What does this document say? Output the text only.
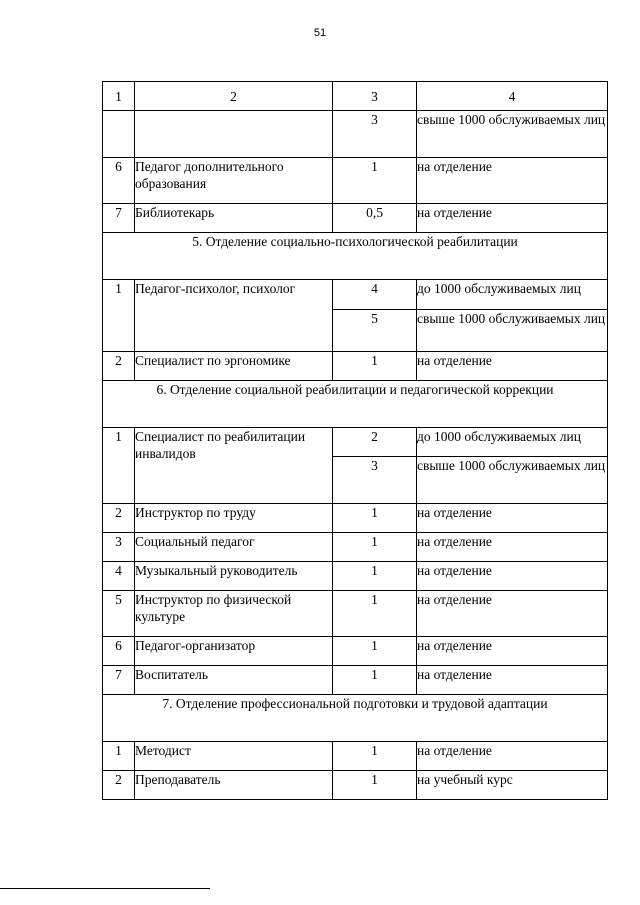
51
1	2	3	4
		3	свыше 1000 обслуживаемых лиц
6	Педагог дополнительного образования	1	на отделение
7	Библиотекарь	0,5	на отделение
5. Отделение социально-психологической реабилитации			
1	Педагог-психолог, психолог	4	до 1000 обслуживаемых лиц
		5	свыше 1000 обслуживаемых лиц
2	Специалист по эргономике	1	на отделение
6. Отделение социальной реабилитации и педагогической коррекции			
1	Специалист по реабилитации инвалидов	2	до 1000 обслуживаемых лиц
		3	свыше 1000 обслуживаемых лиц
2	Инструктор по труду	1	на отделение
3	Социальный педагог	1	на отделение
4	Музыкальный руководитель	1	на отделение
5	Инструктор по физической культуре	1	на отделение
6	Педагог-организатор	1	на отделение
7	Воспитатель	1	на отделение
7. Отделение профессиональной подготовки и трудовой адаптации			
1	Методист	1	на отделение
2	Преподаватель	1	на учебный курс
